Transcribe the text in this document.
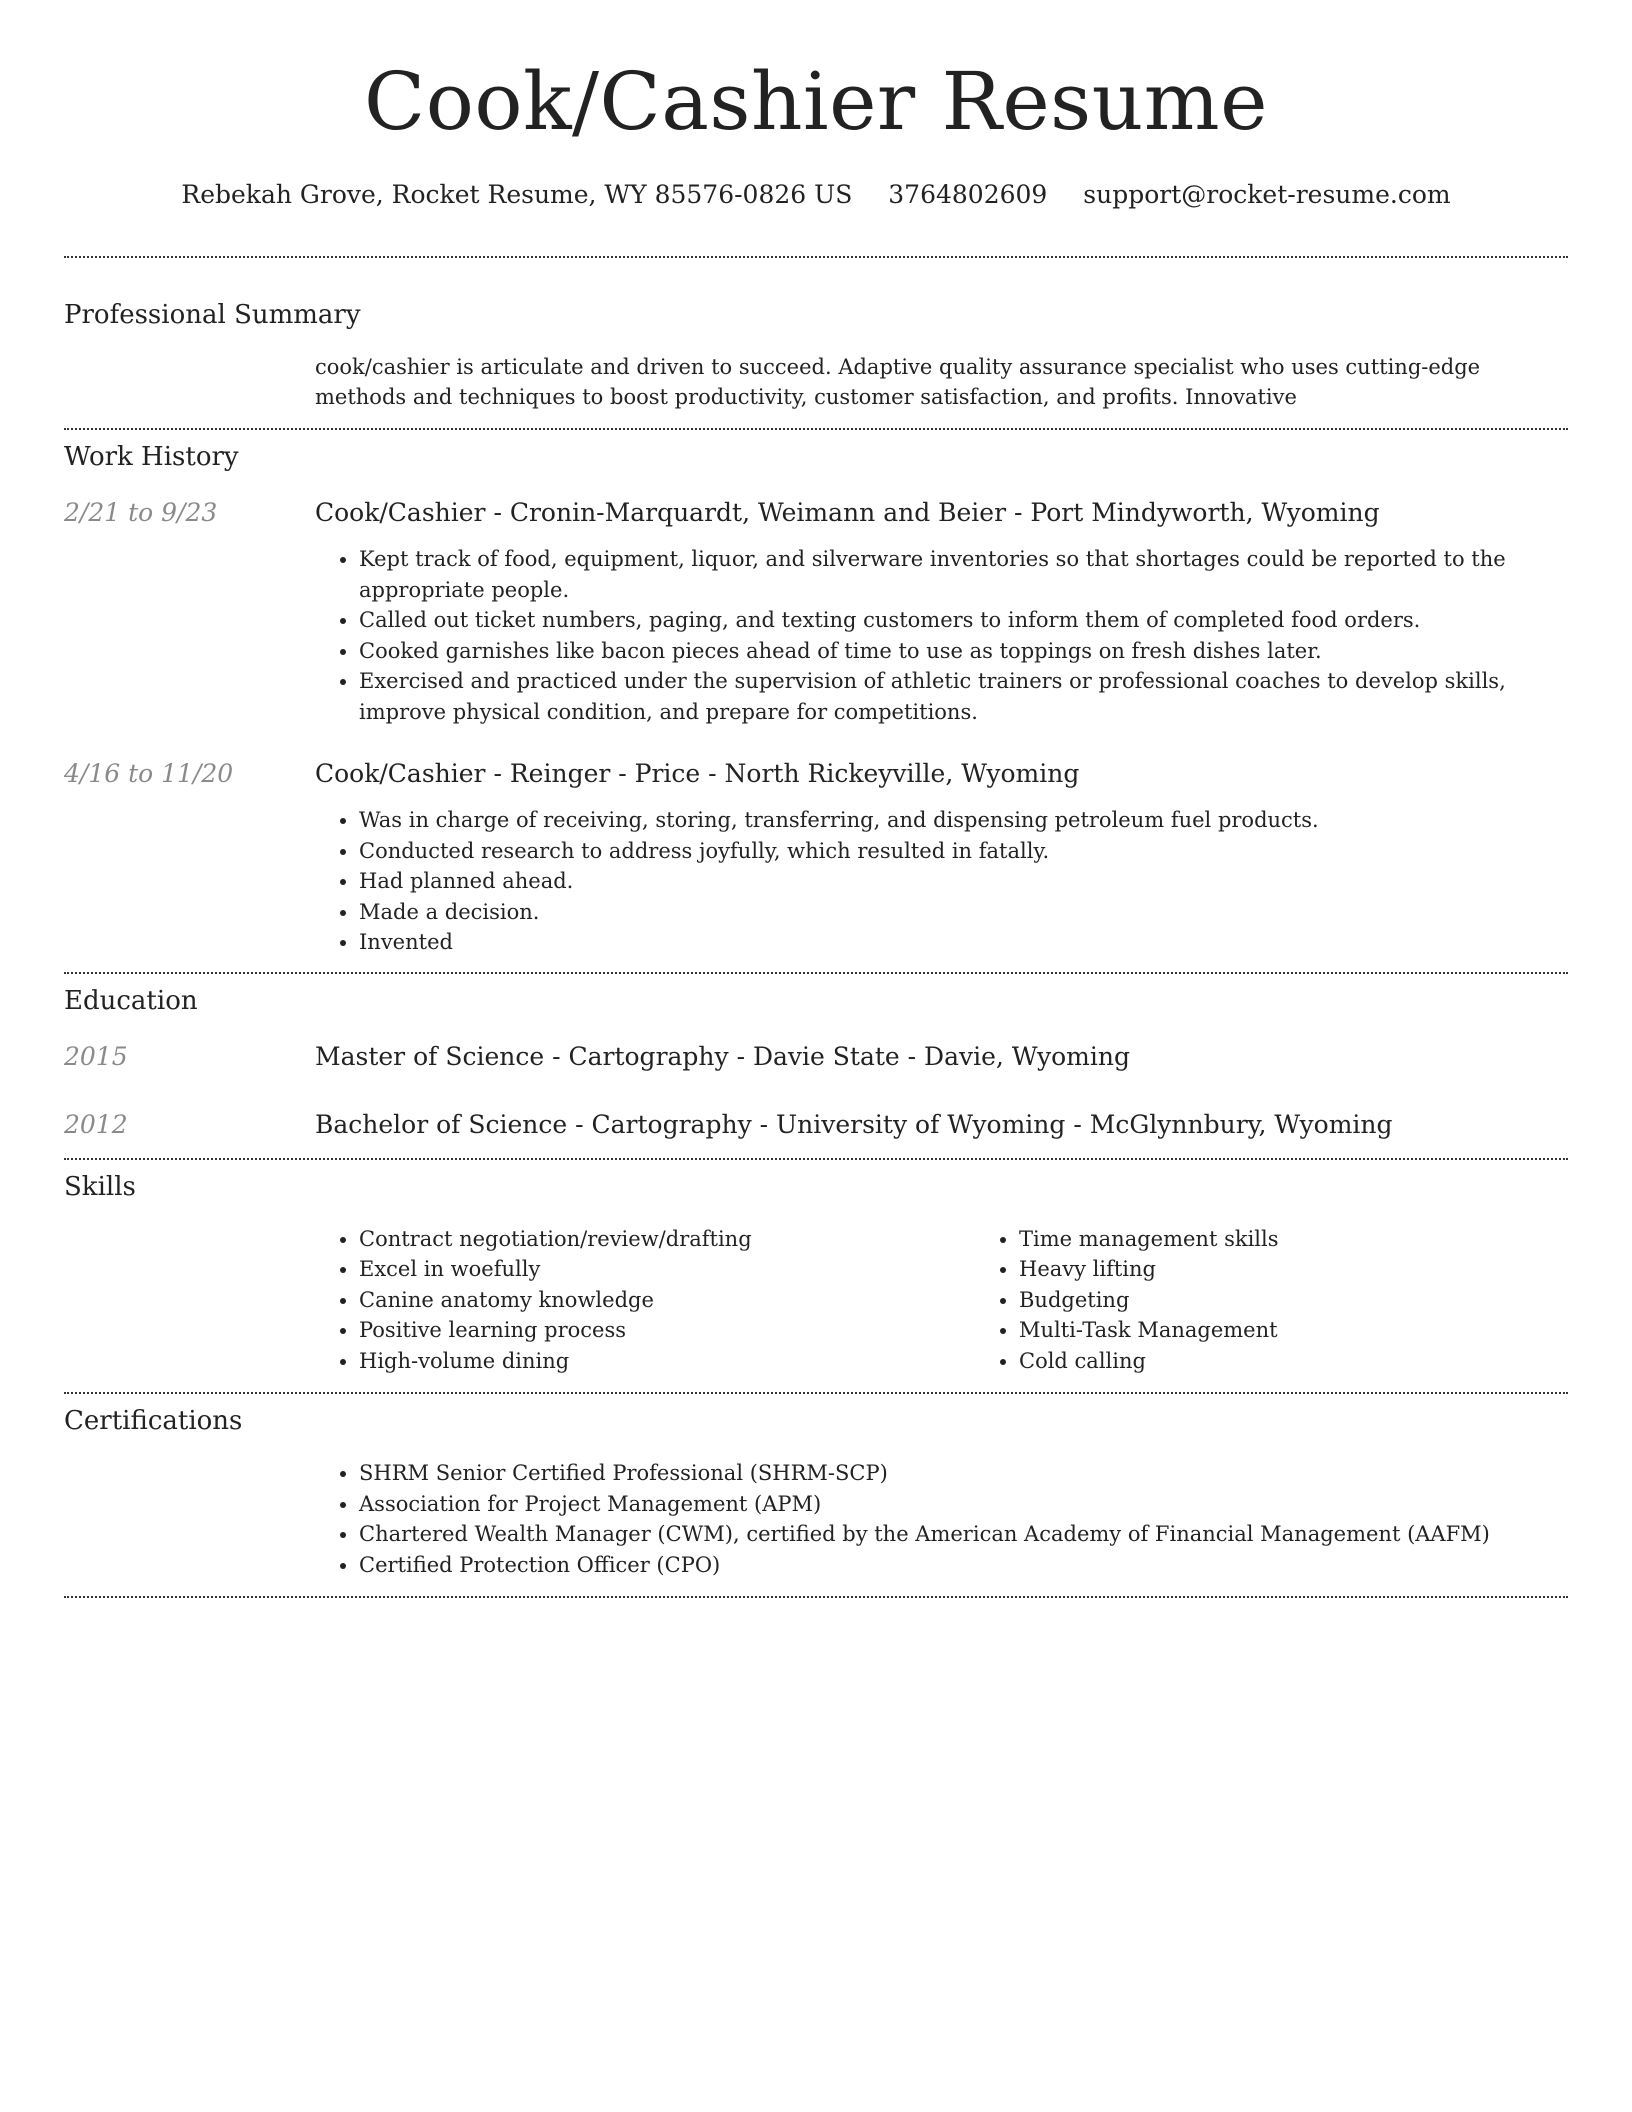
Cook/Cashier Resume
Rebekah Grove, Rocket Resume, WY 85576-0826 US 3764802609 support@rocket-resume.com
Professional Summary
cook/cashier is articulate and driven to succeed. Adaptive quality assurance specialist who uses cutting-edge methods and techniques to boost productivity, customer satisfaction, and profits. Innovative
Work History
2/21 to 9/23	Cook/Cashier - Cronin-Marquardt, Weimann and Beier - Port Mindyworth, Wyoming
• Kept track of food, equipment, liquor, and silverware inventories so that shortages could be reported to the appropriate people.
• Called out ticket numbers, paging, and texting customers to inform them of completed food orders.
• Cooked garnishes like bacon pieces ahead of time to use as toppings on fresh dishes later.
• Exercised and practiced under the supervision of athletic trainers or professional coaches to develop skills, improve physical condition, and prepare for competitions.
4/16 to 11/20	Cook/Cashier - Reinger - Price - North Rickeyville, Wyoming
• Was in charge of receiving, storing, transferring, and dispensing petroleum fuel products.
• Conducted research to address joyfully, which resulted in fatally.
• Had planned ahead.
• Made a decision.
• Invented
Education
2015	Master of Science - Cartography - Davie State - Davie, Wyoming
2012	Bachelor of Science - Cartography - University of Wyoming - McGlynnbury, Wyoming
Skills
• Contract negotiation/review/drafting
• Excel in woefully
• Canine anatomy knowledge
• Positive learning process
• High-volume dining
• Time management skills
• Heavy lifting
• Budgeting
• Multi-Task Management
• Cold calling
Certifications
• SHRM Senior Certified Professional (SHRM-SCP)
• Association for Project Management (APM)
• Chartered Wealth Manager (CWM), certified by the American Academy of Financial Management (AAFM)
• Certified Protection Officer (CPO)
